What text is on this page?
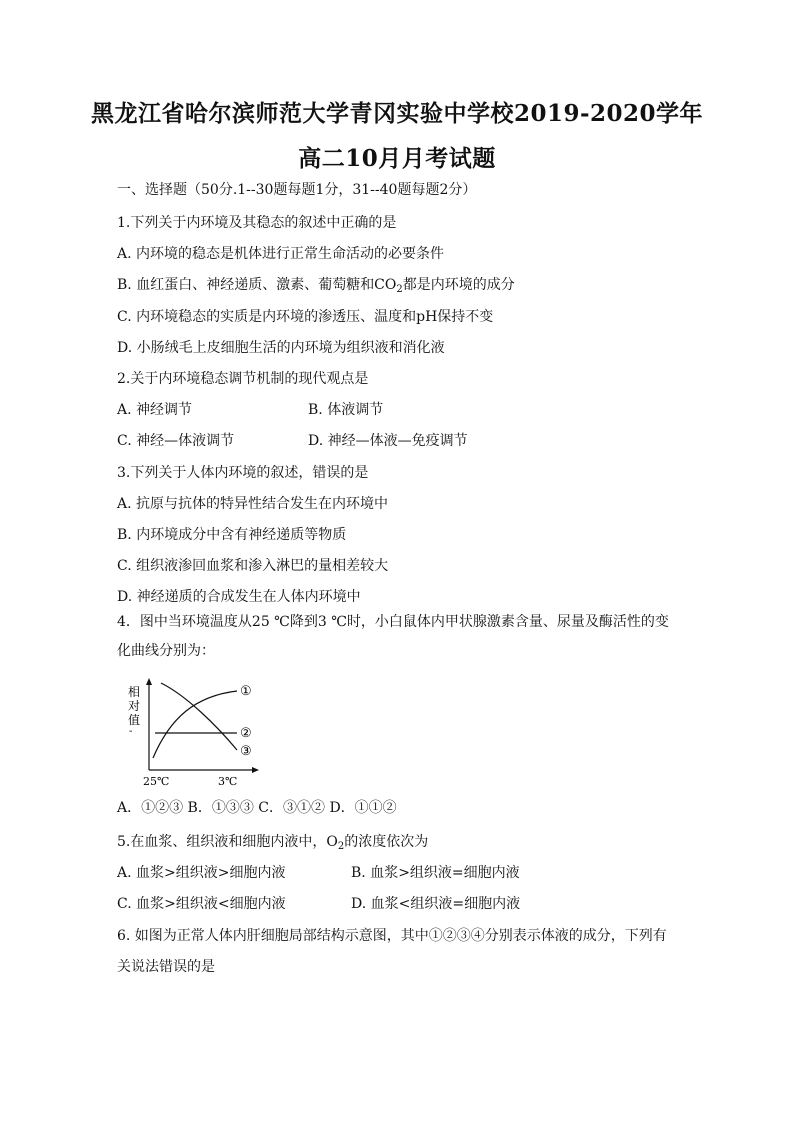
黑龙江省哈尔滨师范大学青冈实验中学校2019-2020学年
高二10月月考试题
一、选择题（50分.1--30题每题1分，31--40题每题2分）
1.下列关于内环境及其稳态的叙述中正确的是
A. 内环境的稳态是机体进行正常生命活动的必要条件
B. 血红蛋白、神经递质、激素、葡萄糖和$CO_2$都是内环境的成分
C. 内环境稳态的实质是内环境的渗透压、温度和pH保持不变
D. 小肠绒毛上皮细胞生活的内环境为组织液和消化液
2.关于内环境稳态调节机制的现代观点是
A. 神经调节	B. 体液调节
C. 神经—体液调节	D. 神经—体液—免疫调节
3.下列关于人体内环境的叙述，错误的是
A. 抗原与抗体的特异性结合发生在内环境中
B. 内环境成分中含有神经递质等物质
C. 组织液渗回血浆和渗入淋巴的量相差较大
D. 神经递质的合成发生在人体内环境中
4．图中当环境温度从25 ℃降到3 ℃时，小白鼠体内甲状腺激素含量、尿量及酶活性的变
化曲线分别为：
相
对
值
-
①
②
③
25℃	3℃
A．①②③ B．①③③ C．③①② D．①①②
5.在血浆、组织液和细胞内液中，$O_2$的浓度依次为
A. 血浆>组织液>细胞内液	B. 血浆>组织液=细胞内液
C. 血浆>组织液<细胞内液	D. 血浆<组织液=细胞内液
6. 如图为正常人体内肝细胞局部结构示意图，其中①②③④分别表示体液的成分，下列有
关说法错误的是
